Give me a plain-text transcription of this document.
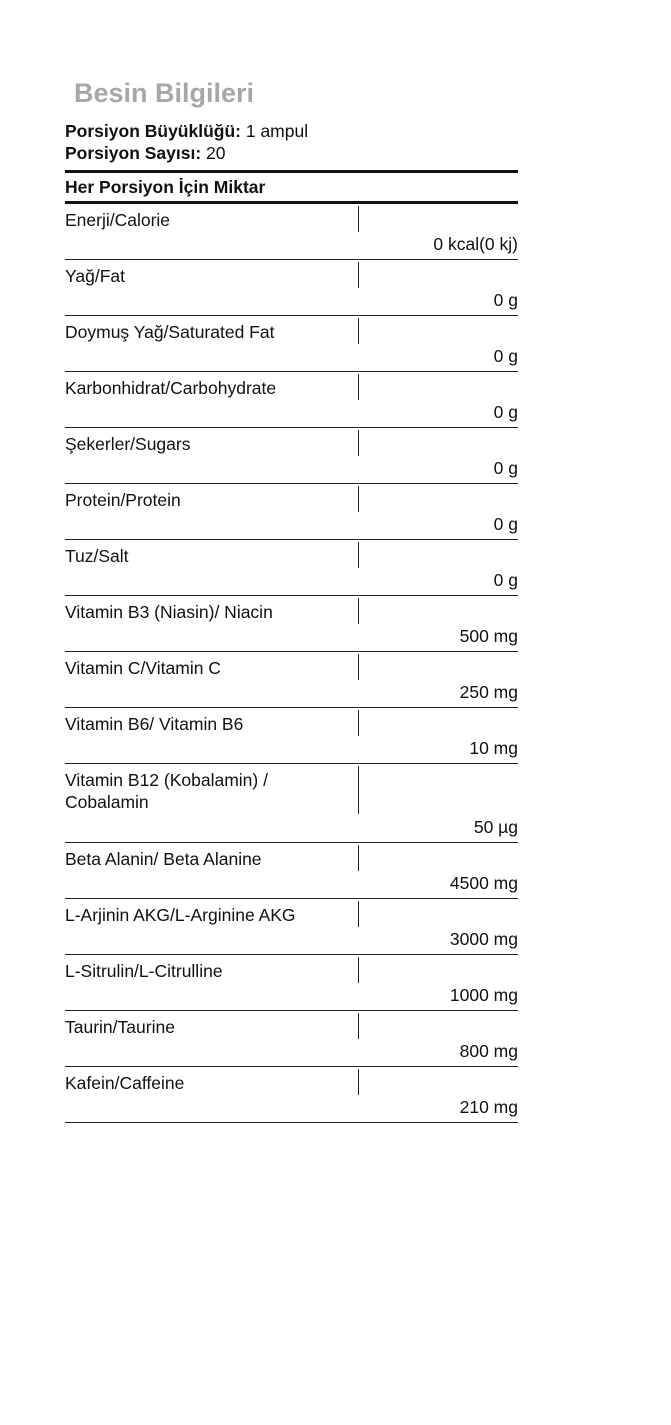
Besin Bilgileri
Porsiyon Büyüklüğü: 1 ampul
Porsiyon Sayısı: 20
Her Porsiyon İçin Miktar
Enerji/Calorie
0 kcal(0 kj)
Yağ/Fat
0 g
Doymuş Yağ/Saturated Fat
0 g
Karbonhidrat/Carbohydrate
0 g
Şekerler/Sugars
0 g
Protein/Protein
0 g
Tuz/Salt
0 g
Vitamin B3 (Niasin)/ Niacin
500 mg
Vitamin C/Vitamin C
250 mg
Vitamin B6/ Vitamin B6
10 mg
Vitamin B12 (Kobalamin) / Cobalamin
50 µg
Beta Alanin/ Beta Alanine
4500 mg
L-Arjinin AKG/L-Arginine AKG
3000 mg
L-Sitrulin/L-Citrulline
1000 mg
Taurin/Taurine
800 mg
Kafein/Caffeine
210 mg
